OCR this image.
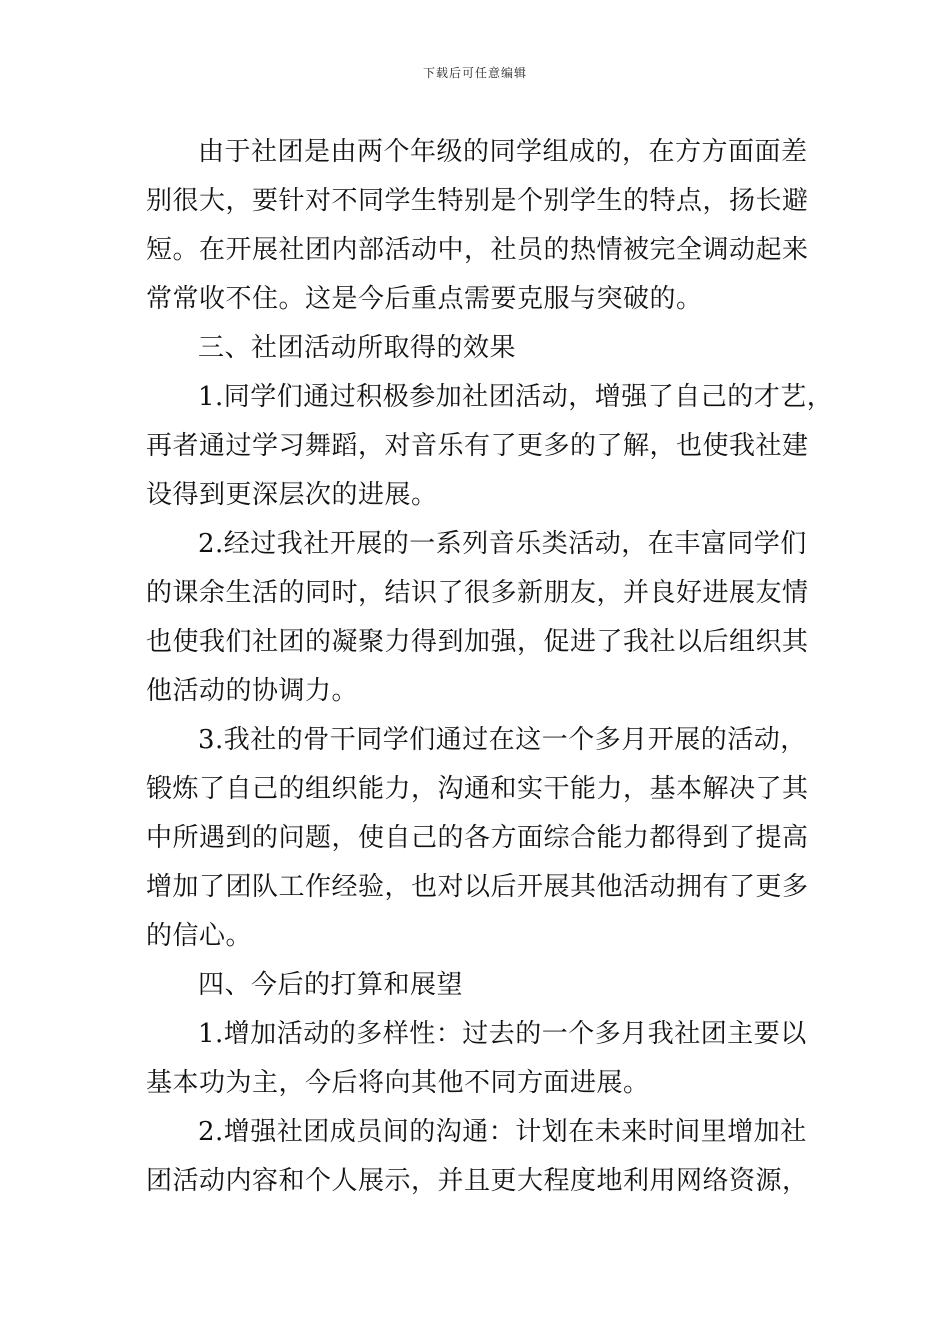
下载后可任意编辑
由于社团是由两个年级的同学组成的，在方方面面差
别很大，要针对不同学生特别是个别学生的特点，扬长避
短。在开展社团内部活动中，社员的热情被完全调动起来
常常收不住。这是今后重点需要克服与突破的。
三、社团活动所取得的效果
1.同学们通过积极参加社团活动，增强了自己的才艺，
再者通过学习舞蹈，对音乐有了更多的了解，也使我社建
设得到更深层次的进展。
2.经过我社开展的一系列音乐类活动，在丰富同学们
的课余生活的同时，结识了很多新朋友，并良好进展友情
也使我们社团的凝聚力得到加强，促进了我社以后组织其
他活动的协调力。
3.我社的骨干同学们通过在这一个多月开展的活动，
锻炼了自己的组织能力，沟通和实干能力，基本解决了其
中所遇到的问题，使自己的各方面综合能力都得到了提高
增加了团队工作经验，也对以后开展其他活动拥有了更多
的信心。
四、今后的打算和展望
1.增加活动的多样性：过去的一个多月我社团主要以
基本功为主，今后将向其他不同方面进展。
2.增强社团成员间的沟通：计划在未来时间里增加社
团活动内容和个人展示，并且更大程度地利用网络资源，
